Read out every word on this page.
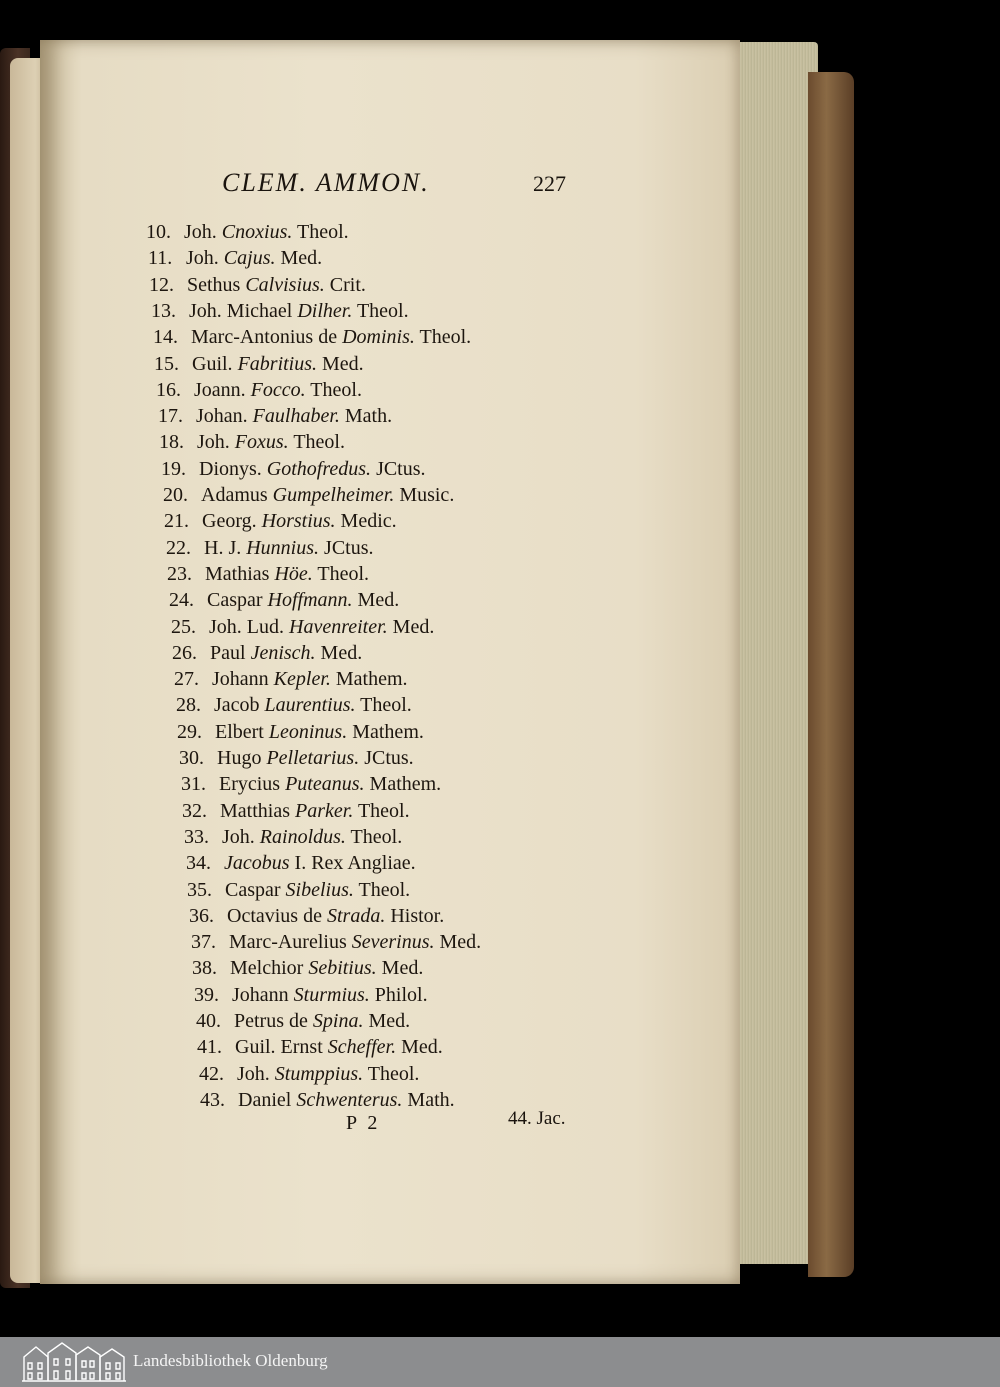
CLEM. AMMON.	227
10. Joh. Cnoxius. Theol.
11. Joh. Cajus. Med.
12. Sethus Calvisius. Crit.
13. Joh. Michael Dilher. Theol.
14. Marc-Antonius de Dominis. Theol.
15. Guil. Fabritius. Med.
16. Joann. Focco. Theol.
17. Johan. Faulhaber. Math.
18. Joh. Foxus. Theol.
19. Dionys. Gothofredus. JCtus.
20. Adamus Gumpelheimer. Music.
21. Georg. Horstius. Medic.
22. H. J. Hunnius. JCtus.
23. Mathias Höe. Theol.
24. Caspar Hoffmann. Med.
25. Joh. Lud. Havenreiter. Med.
26. Paul Jenisch. Med.
27. Johann Kepler. Mathem.
28. Jacob Laurentius. Theol.
29. Elbert Leoninus. Mathem.
30. Hugo Pelletarius. JCtus.
31. Erycius Puteanus. Mathem.
32. Matthias Parker. Theol.
33. Joh. Rainoldus. Theol.
34. Jacobus I. Rex Angliae.
35. Caspar Sibelius. Theol.
36. Octavius de Strada. Histor.
37. Marc-Aurelius Severinus. Med.
38. Melchior Sebitius. Med.
39. Johann Sturmius. Philol.
40. Petrus de Spina. Med.
41. Guil. Ernst Scheffer. Med.
42. Joh. Stumppius. Theol.
43. Daniel Schwenterus. Math.
P 2	44. Jac.
Landesbibliothek Oldenburg
